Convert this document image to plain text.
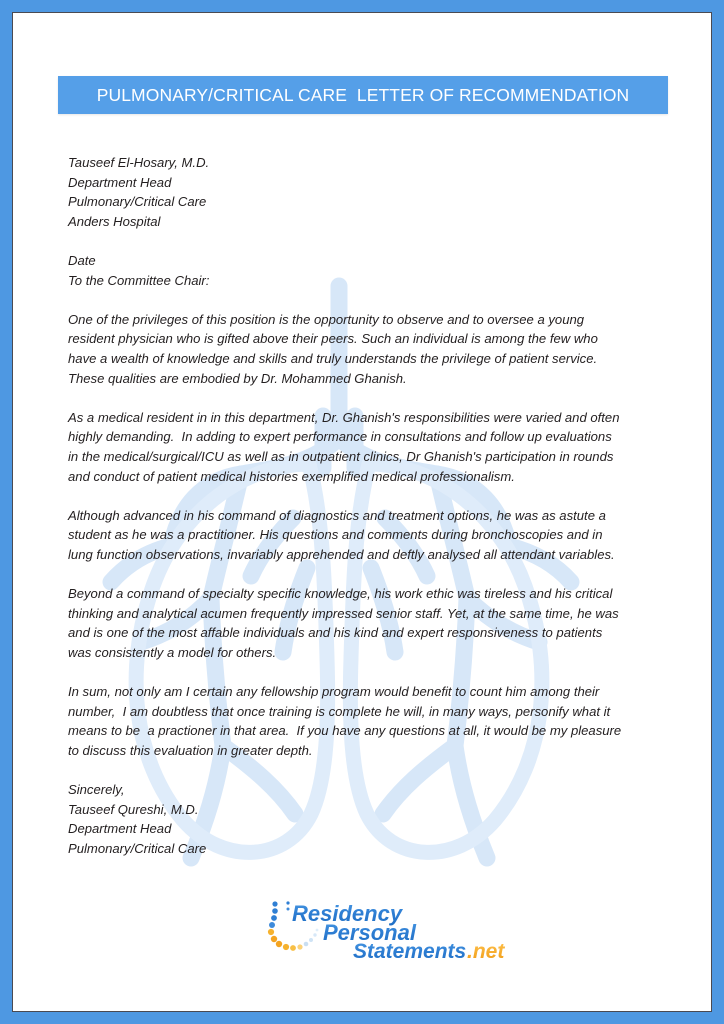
PULMONARY/CRITICAL CARE  LETTER OF RECOMMENDATION
Tauseef El-Hosary, M.D.
Department Head
Pulmonary/Critical Care
Anders Hospital
Date
To the Committee Chair:
One of the privileges of this position is the opportunity to observe and to oversee a young
resident physician who is gifted above their peers. Such an individual is among the few who
have a wealth of knowledge and skills and truly understands the privilege of patient service.
These qualities are embodied by Dr. Mohammed Ghanish.
As a medical resident in in this department, Dr. Ghanish's responsibilities were varied and often
highly demanding.  In adding to expert performance in consultations and follow up evaluations
in the medical/surgical/ICU as well as in outpatient clinics, Dr Ghanish's participation in rounds
and conduct of patient medical histories exemplified medical professionalism.
Although advanced in his command of diagnostics and treatment options, he was as astute a
student as he was a practitioner. His questions and comments during bronchoscopies and in
lung function observations, invariably apprehended and deftly analysed all attendant variables.
Beyond a command of specialty specific knowledge, his work ethic was tireless and his critical
thinking and analytical acumen frequently impressed senior staff. Yet, at the same time, he was
and is one of the most affable individuals and his kind and expert responsiveness to patients
was consistently a model for others.
In sum, not only am I certain any fellowship program would benefit to count him among their
number,  I am doubtless that once training is complete he will, in many ways, personify what it
means to be  a practioner in that area.  If you have any questions at all, it would be my pleasure
to discuss this evaluation in greater depth.
Sincerely,
Tauseef Qureshi, M.D.
Department Head
Pulmonary/Critical Care
Residency
Personal
Statements .net
